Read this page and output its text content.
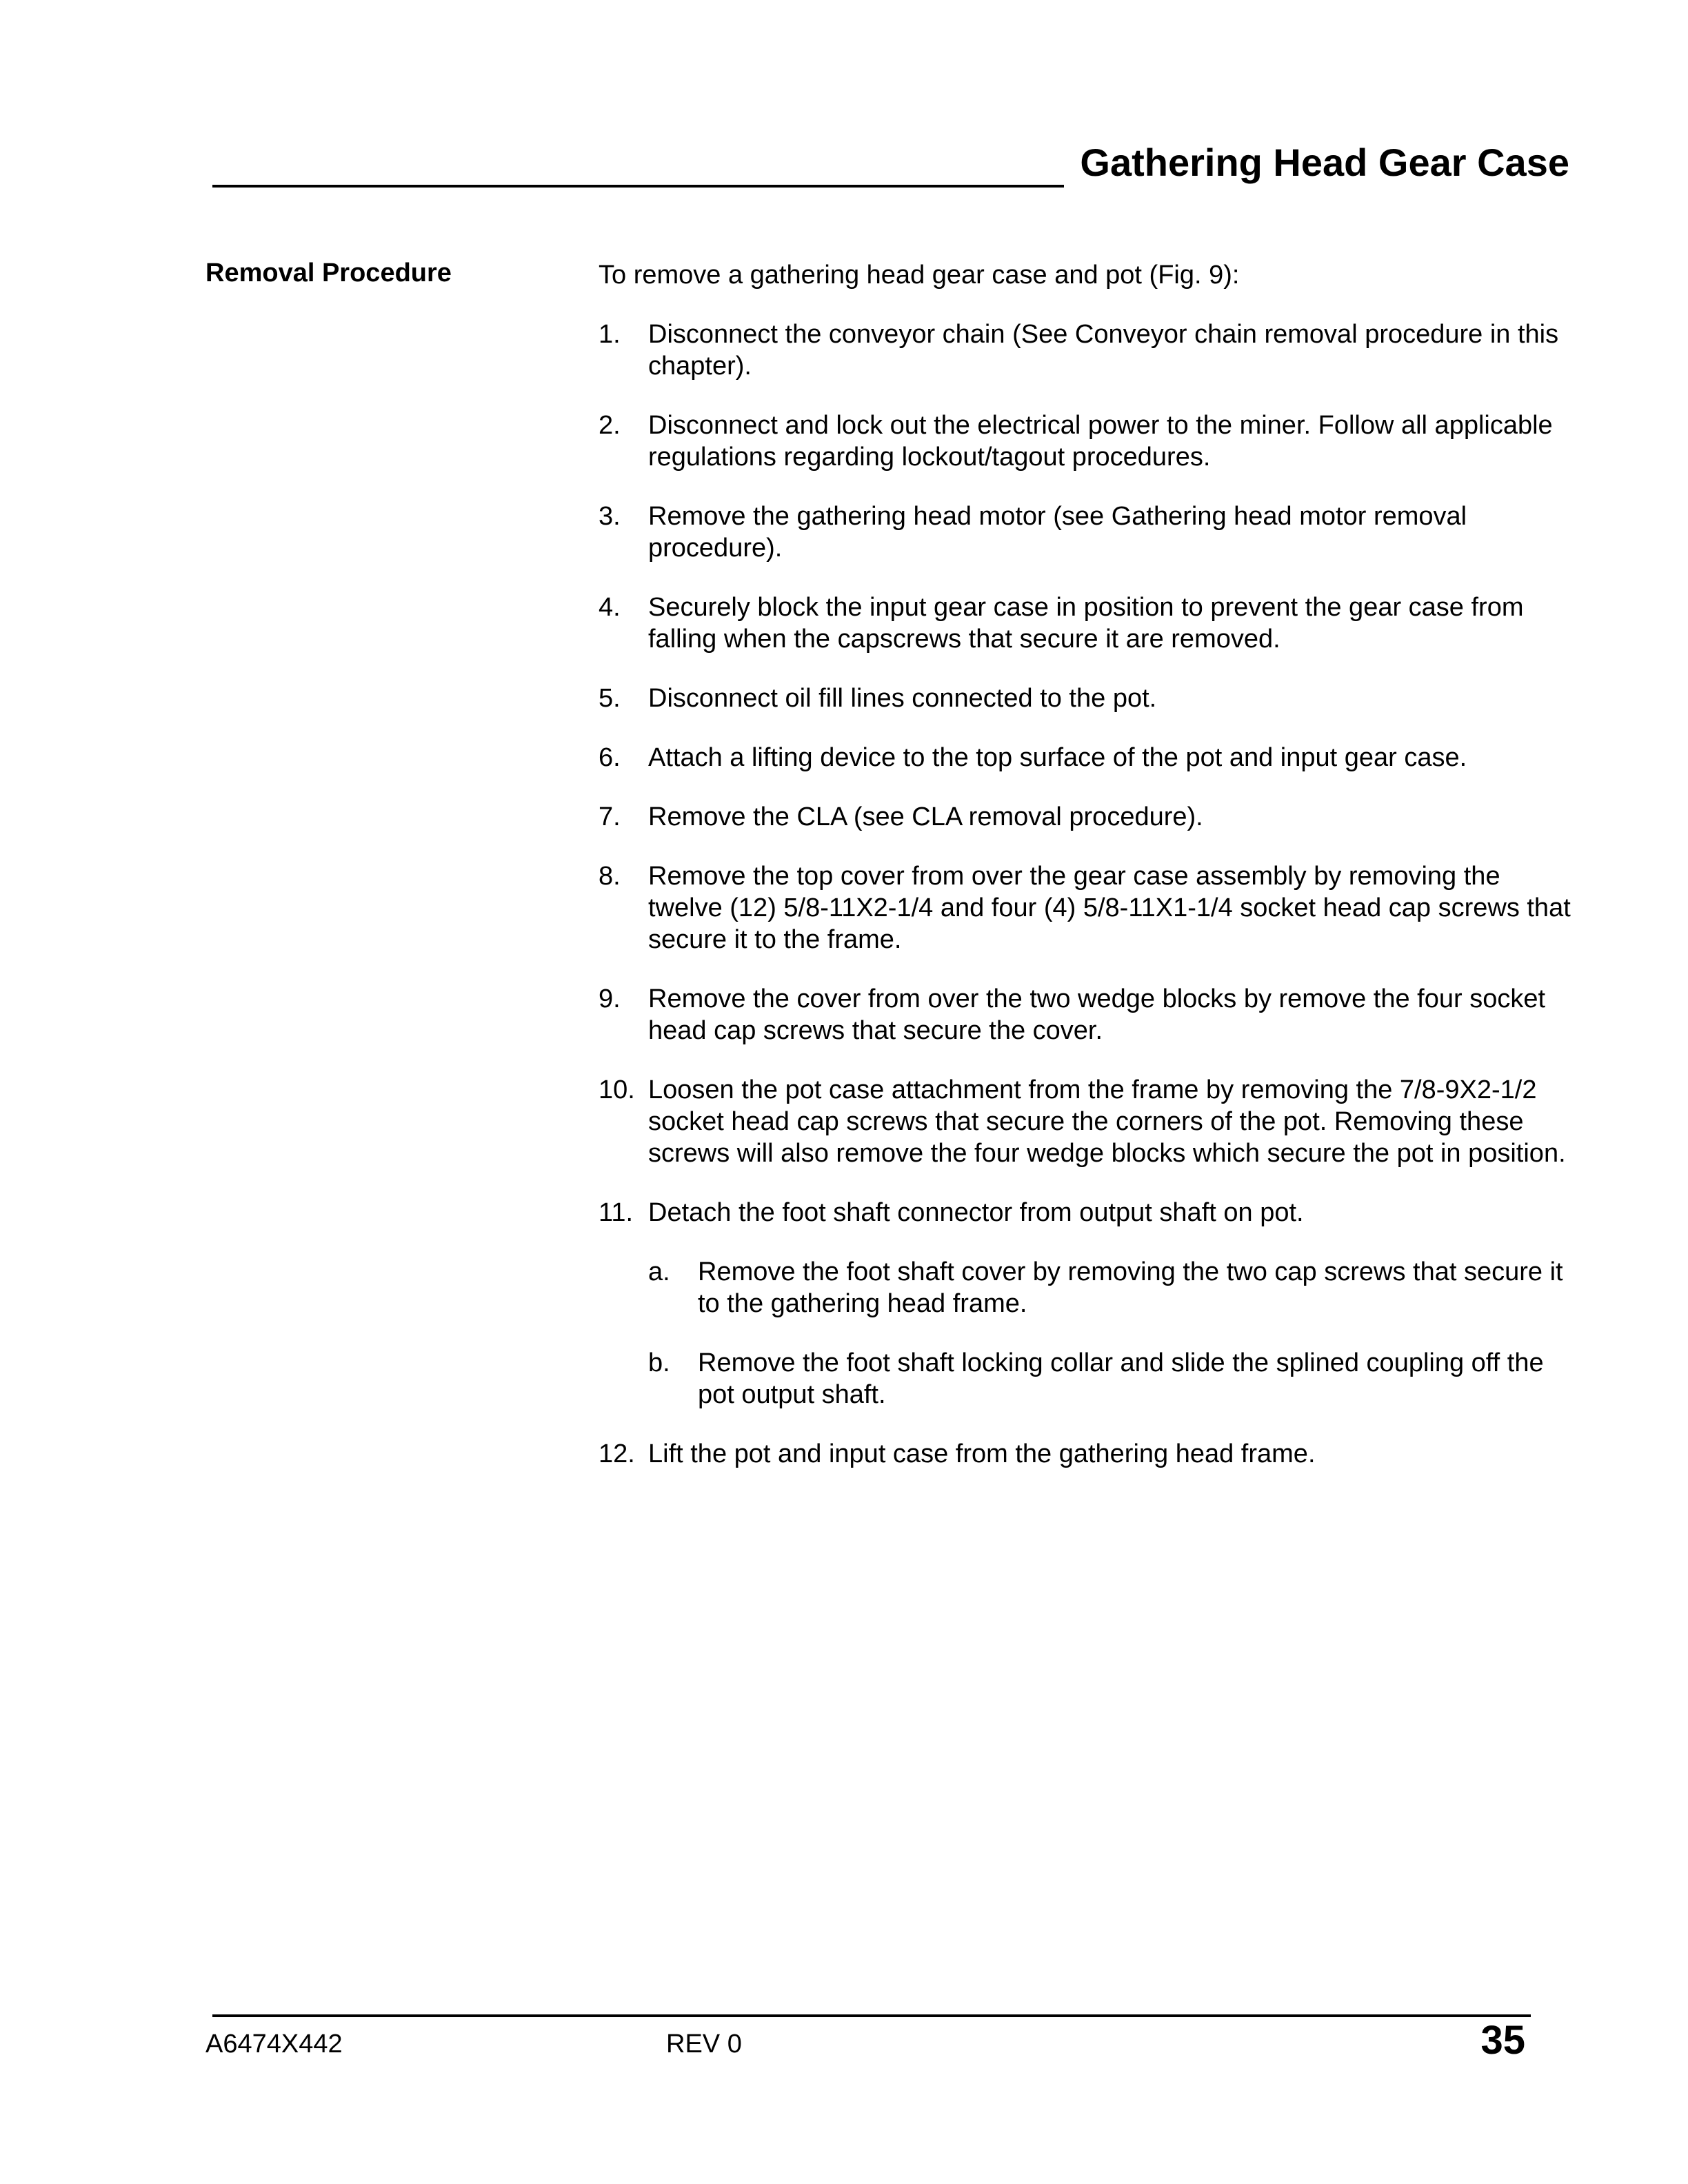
Gathering Head Gear Case
Removal Procedure	To remove a gathering head gear case and pot (Fig. 9):

1. Disconnect the conveyor chain (See Conveyor chain removal procedure in this chapter).
2. Disconnect and lock out the electrical power to the miner. Follow all applicable regulations regarding lockout/tagout procedures.
3. Remove the gathering head motor (see Gathering head motor removal procedure).
4. Securely block the input gear case in position to prevent the gear case from falling when the capscrews that secure it are removed.
5. Disconnect oil fill lines connected to the pot.
6. Attach a lifting device to the top surface of the pot and input gear case.
7. Remove the CLA (see CLA removal procedure).
8. Remove the top cover from over the gear case assembly by removing the twelve (12) 5/8-11X2-1/4 and four (4) 5/8-11X1-1/4 socket head cap screws that secure it to the frame.
9. Remove the cover from over the two wedge blocks by remove the four socket head cap screws that secure the cover.
10. Loosen the pot case attachment from the frame by removing the 7/8-9X2-1/2 socket head cap screws that secure the corners of the pot. Removing these screws will also remove the four wedge blocks which secure the pot in position.
11. Detach the foot shaft connector from output shaft on pot.
a. Remove the foot shaft cover by removing the two cap screws that secure it to the gathering head frame.
b. Remove the foot shaft locking collar and slide the splined coupling off the pot output shaft.
12. Lift the pot and input case from the gathering head frame.
A6474X442	REV 0	35
